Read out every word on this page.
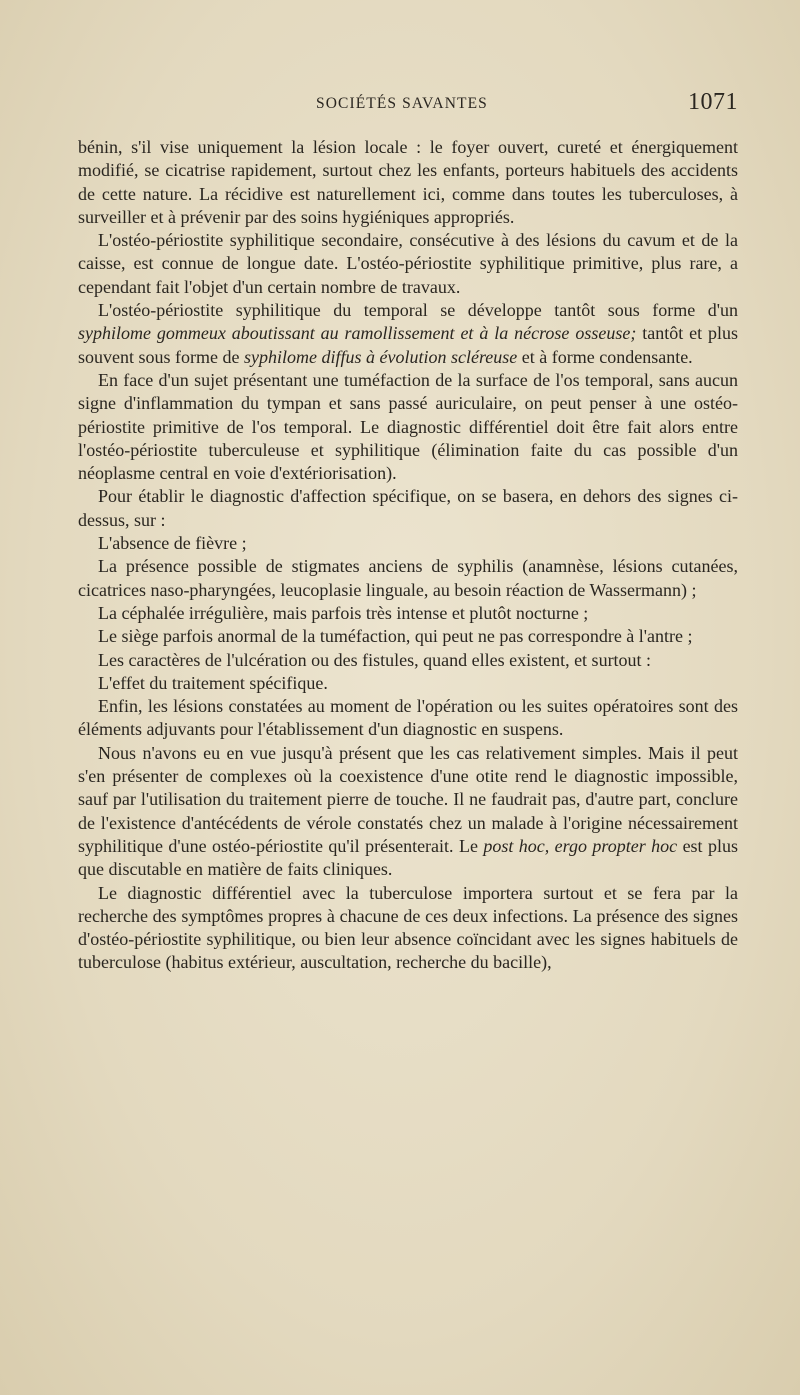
SOCIÉTÉS SAVANTES	1071

bénin, s'il vise uniquement la lésion locale : le foyer ouvert, cureté et énergiquement modifié, se cicatrise rapidement, surtout chez les enfants, porteurs habituels des accidents de cette nature. La récidive est naturellement ici, comme dans toutes les tuberculoses, à surveiller et à prévenir par des soins hygiéniques appropriés.

L'ostéo-périostite syphilitique secondaire, consécutive à des lésions du cavum et de la caisse, est connue de longue date. L'ostéo-périostite syphilitique primitive, plus rare, a cependant fait l'objet d'un certain nombre de travaux.

L'ostéo-périostite syphilitique du temporal se développe tantôt sous forme d'un syphilome gommeux aboutissant au ramollissement et à la nécrose osseuse; tantôt et plus souvent sous forme de syphilome diffus à évolution scléreuse et à forme condensante.

En face d'un sujet présentant une tuméfaction de la surface de l'os temporal, sans aucun signe d'inflammation du tympan et sans passé auriculaire, on peut penser à une ostéo-périostite primitive de l'os temporal. Le diagnostic différentiel doit être fait alors entre l'ostéo-périostite tuberculeuse et syphilitique (élimination faite du cas possible d'un néoplasme central en voie d'extériorisation).

Pour établir le diagnostic d'affection spécifique, on se basera, en dehors des signes ci-dessus, sur :

L'absence de fièvre ;

La présence possible de stigmates anciens de syphilis (anamnèse, lésions cutanées, cicatrices naso-pharyngées, leucoplasie linguale, au besoin réaction de Wassermann) ;

La céphalée irrégulière, mais parfois très intense et plutôt nocturne ;

Le siège parfois anormal de la tuméfaction, qui peut ne pas correspondre à l'antre ;

Les caractères de l'ulcération ou des fistules, quand elles existent, et surtout :

L'effet du traitement spécifique.

Enfin, les lésions constatées au moment de l'opération ou les suites opératoires sont des éléments adjuvants pour l'établissement d'un diagnostic en suspens.

Nous n'avons eu en vue jusqu'à présent que les cas relativement simples. Mais il peut s'en présenter de complexes où la coexistence d'une otite rend le diagnostic impossible, sauf par l'utilisation du traitement pierre de touche. Il ne faudrait pas, d'autre part, conclure de l'existence d'antécédents de vérole constatés chez un malade à l'origine nécessairement syphilitique d'une ostéo-périostite qu'il présenterait. Le post hoc, ergo propter hoc est plus que discutable en matière de faits cliniques.

Le diagnostic différentiel avec la tuberculose importera surtout et se fera par la recherche des symptômes propres à chacune de ces deux infections. La présence des signes d'ostéo-périostite syphilitique, ou bien leur absence coïncidant avec les signes habituels de tuberculose (habitus extérieur, auscultation, recherche du bacille),
